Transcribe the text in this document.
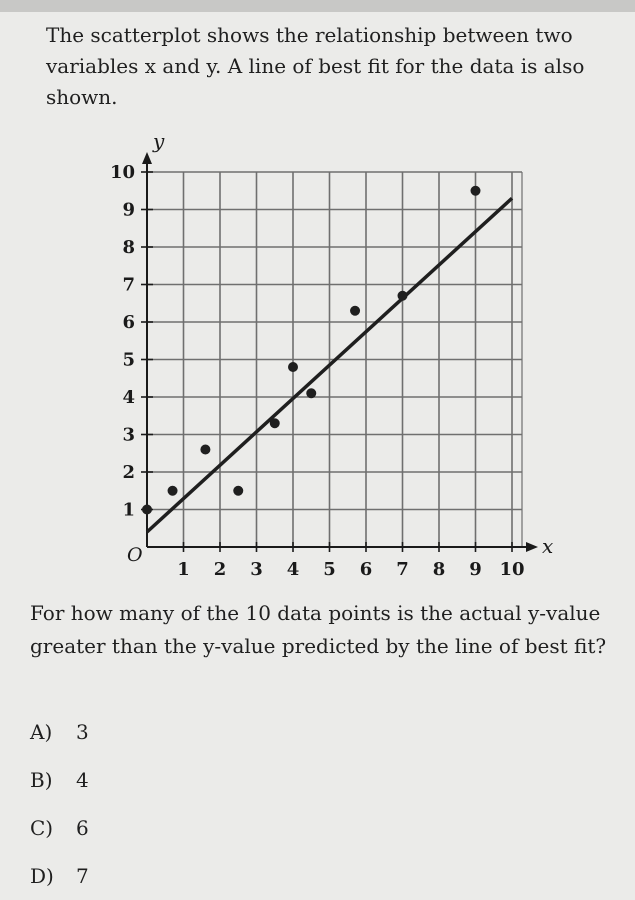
The scatterplot shows the relationship between two variables x and y. A line of best fit for the data is also shown.

1 2 3 4 5 6 7 8 9 10
1
2
3
4
5
6
7
8
9
10
O	x
y

For how many of the 10 data points is the actual y-value greater than the y-value predicted by the line of best fit?

A)	3
B)	4
C)	6
D)	7
